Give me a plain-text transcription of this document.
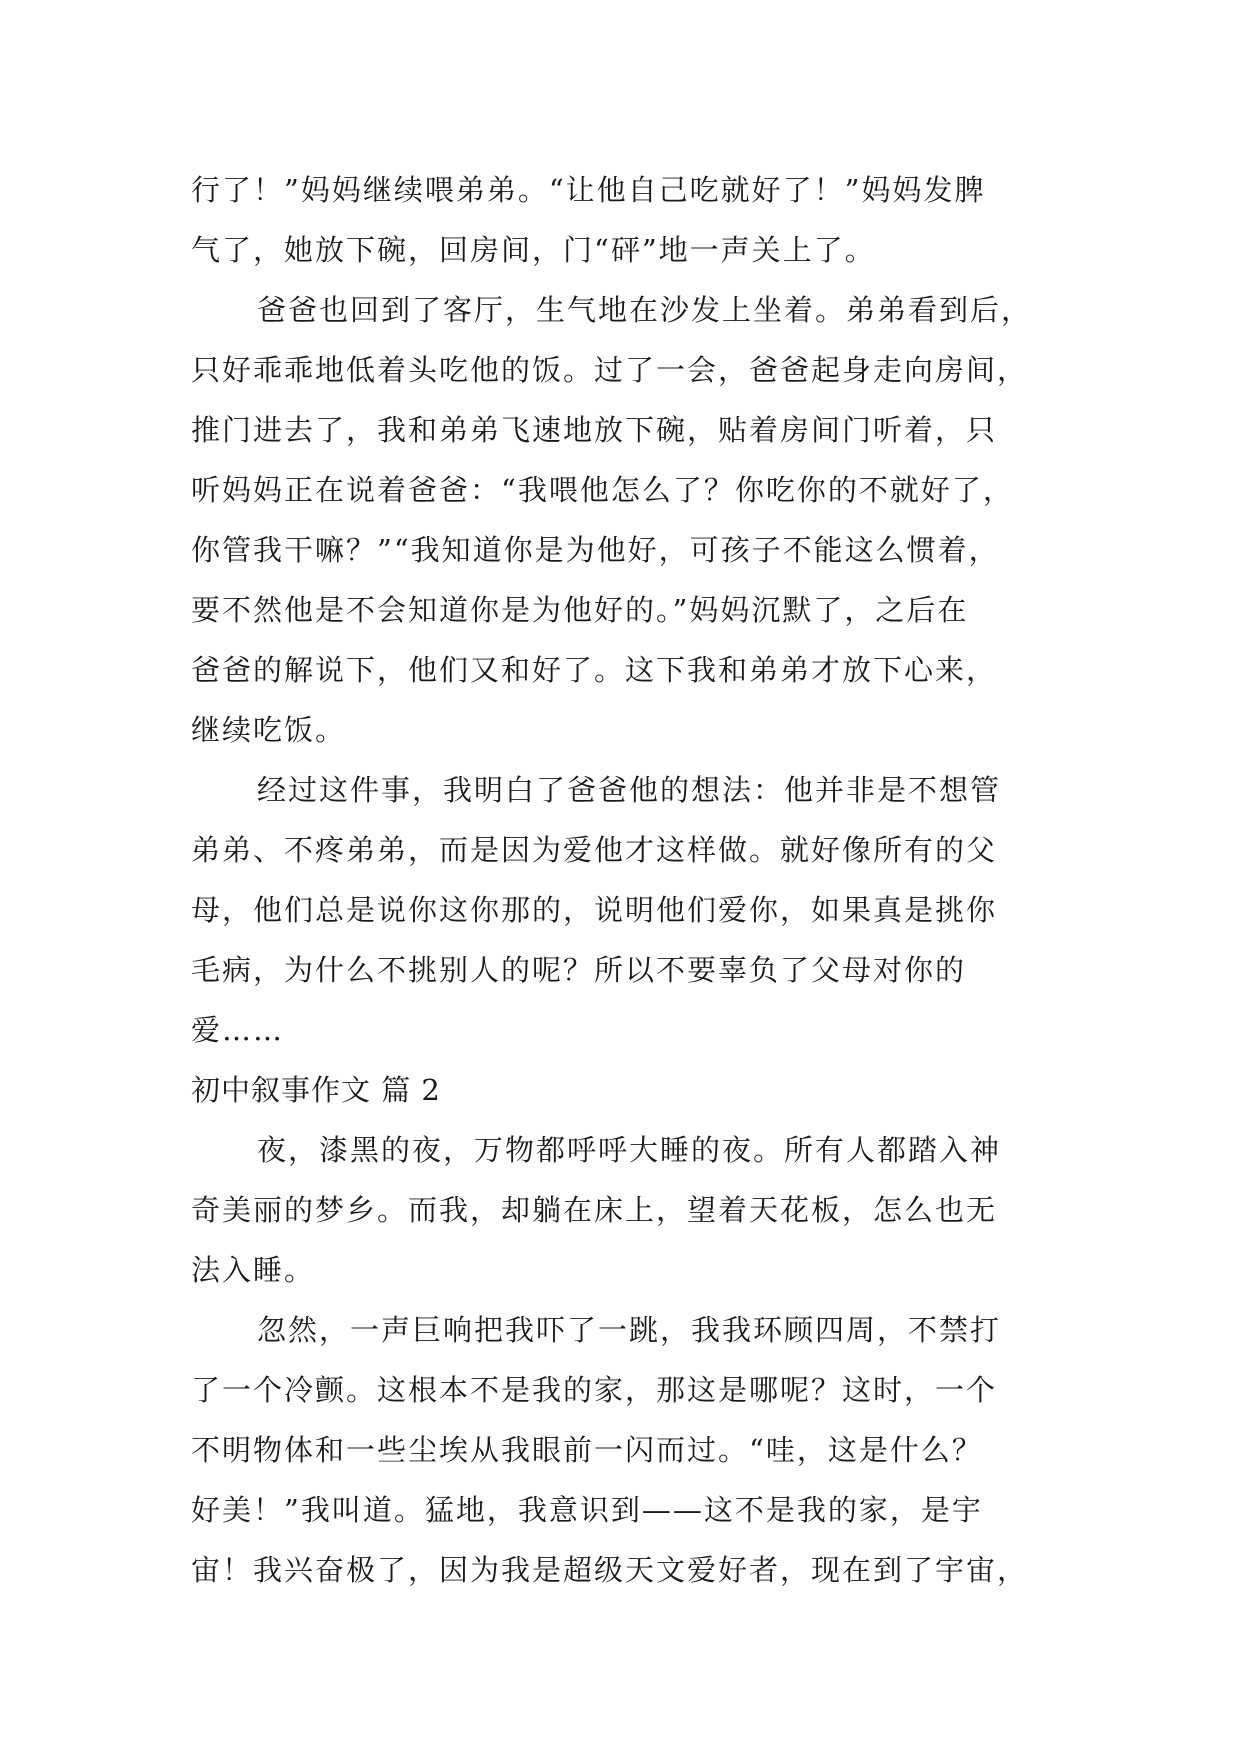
行了！”妈妈继续喂弟弟。“让他自己吃就好了！”妈妈发脾
气了，她放下碗，回房间，门“砰”地一声关上了。
爸爸也回到了客厅，生气地在沙发上坐着。弟弟看到后，
只好乖乖地低着头吃他的饭。过了一会，爸爸起身走向房间，
推门进去了，我和弟弟飞速地放下碗，贴着房间门听着，只
听妈妈正在说着爸爸：“我喂他怎么了？你吃你的不就好了，
你管我干嘛？”“我知道你是为他好，可孩子不能这么惯着，
要不然他是不会知道你是为他好的。”妈妈沉默了，之后在
爸爸的解说下，他们又和好了。这下我和弟弟才放下心来，
继续吃饭。
经过这件事，我明白了爸爸他的想法：他并非是不想管
弟弟、不疼弟弟，而是因为爱他才这样做。就好像所有的父
母，他们总是说你这你那的，说明他们爱你，如果真是挑你
毛病，为什么不挑别人的呢？所以不要辜负了父母对你的
爱……
初中叙事作文 篇 2
夜，漆黑的夜，万物都呼呼大睡的夜。所有人都踏入神
奇美丽的梦乡。而我，却躺在床上，望着天花板，怎么也无
法入睡。
忽然，一声巨响把我吓了一跳，我我环顾四周，不禁打
了一个冷颤。这根本不是我的家，那这是哪呢？这时，一个
不明物体和一些尘埃从我眼前一闪而过。“哇，这是什么？
好美！”我叫道。猛地，我意识到——这不是我的家，是宇
宙！我兴奋极了，因为我是超级天文爱好者，现在到了宇宙，
